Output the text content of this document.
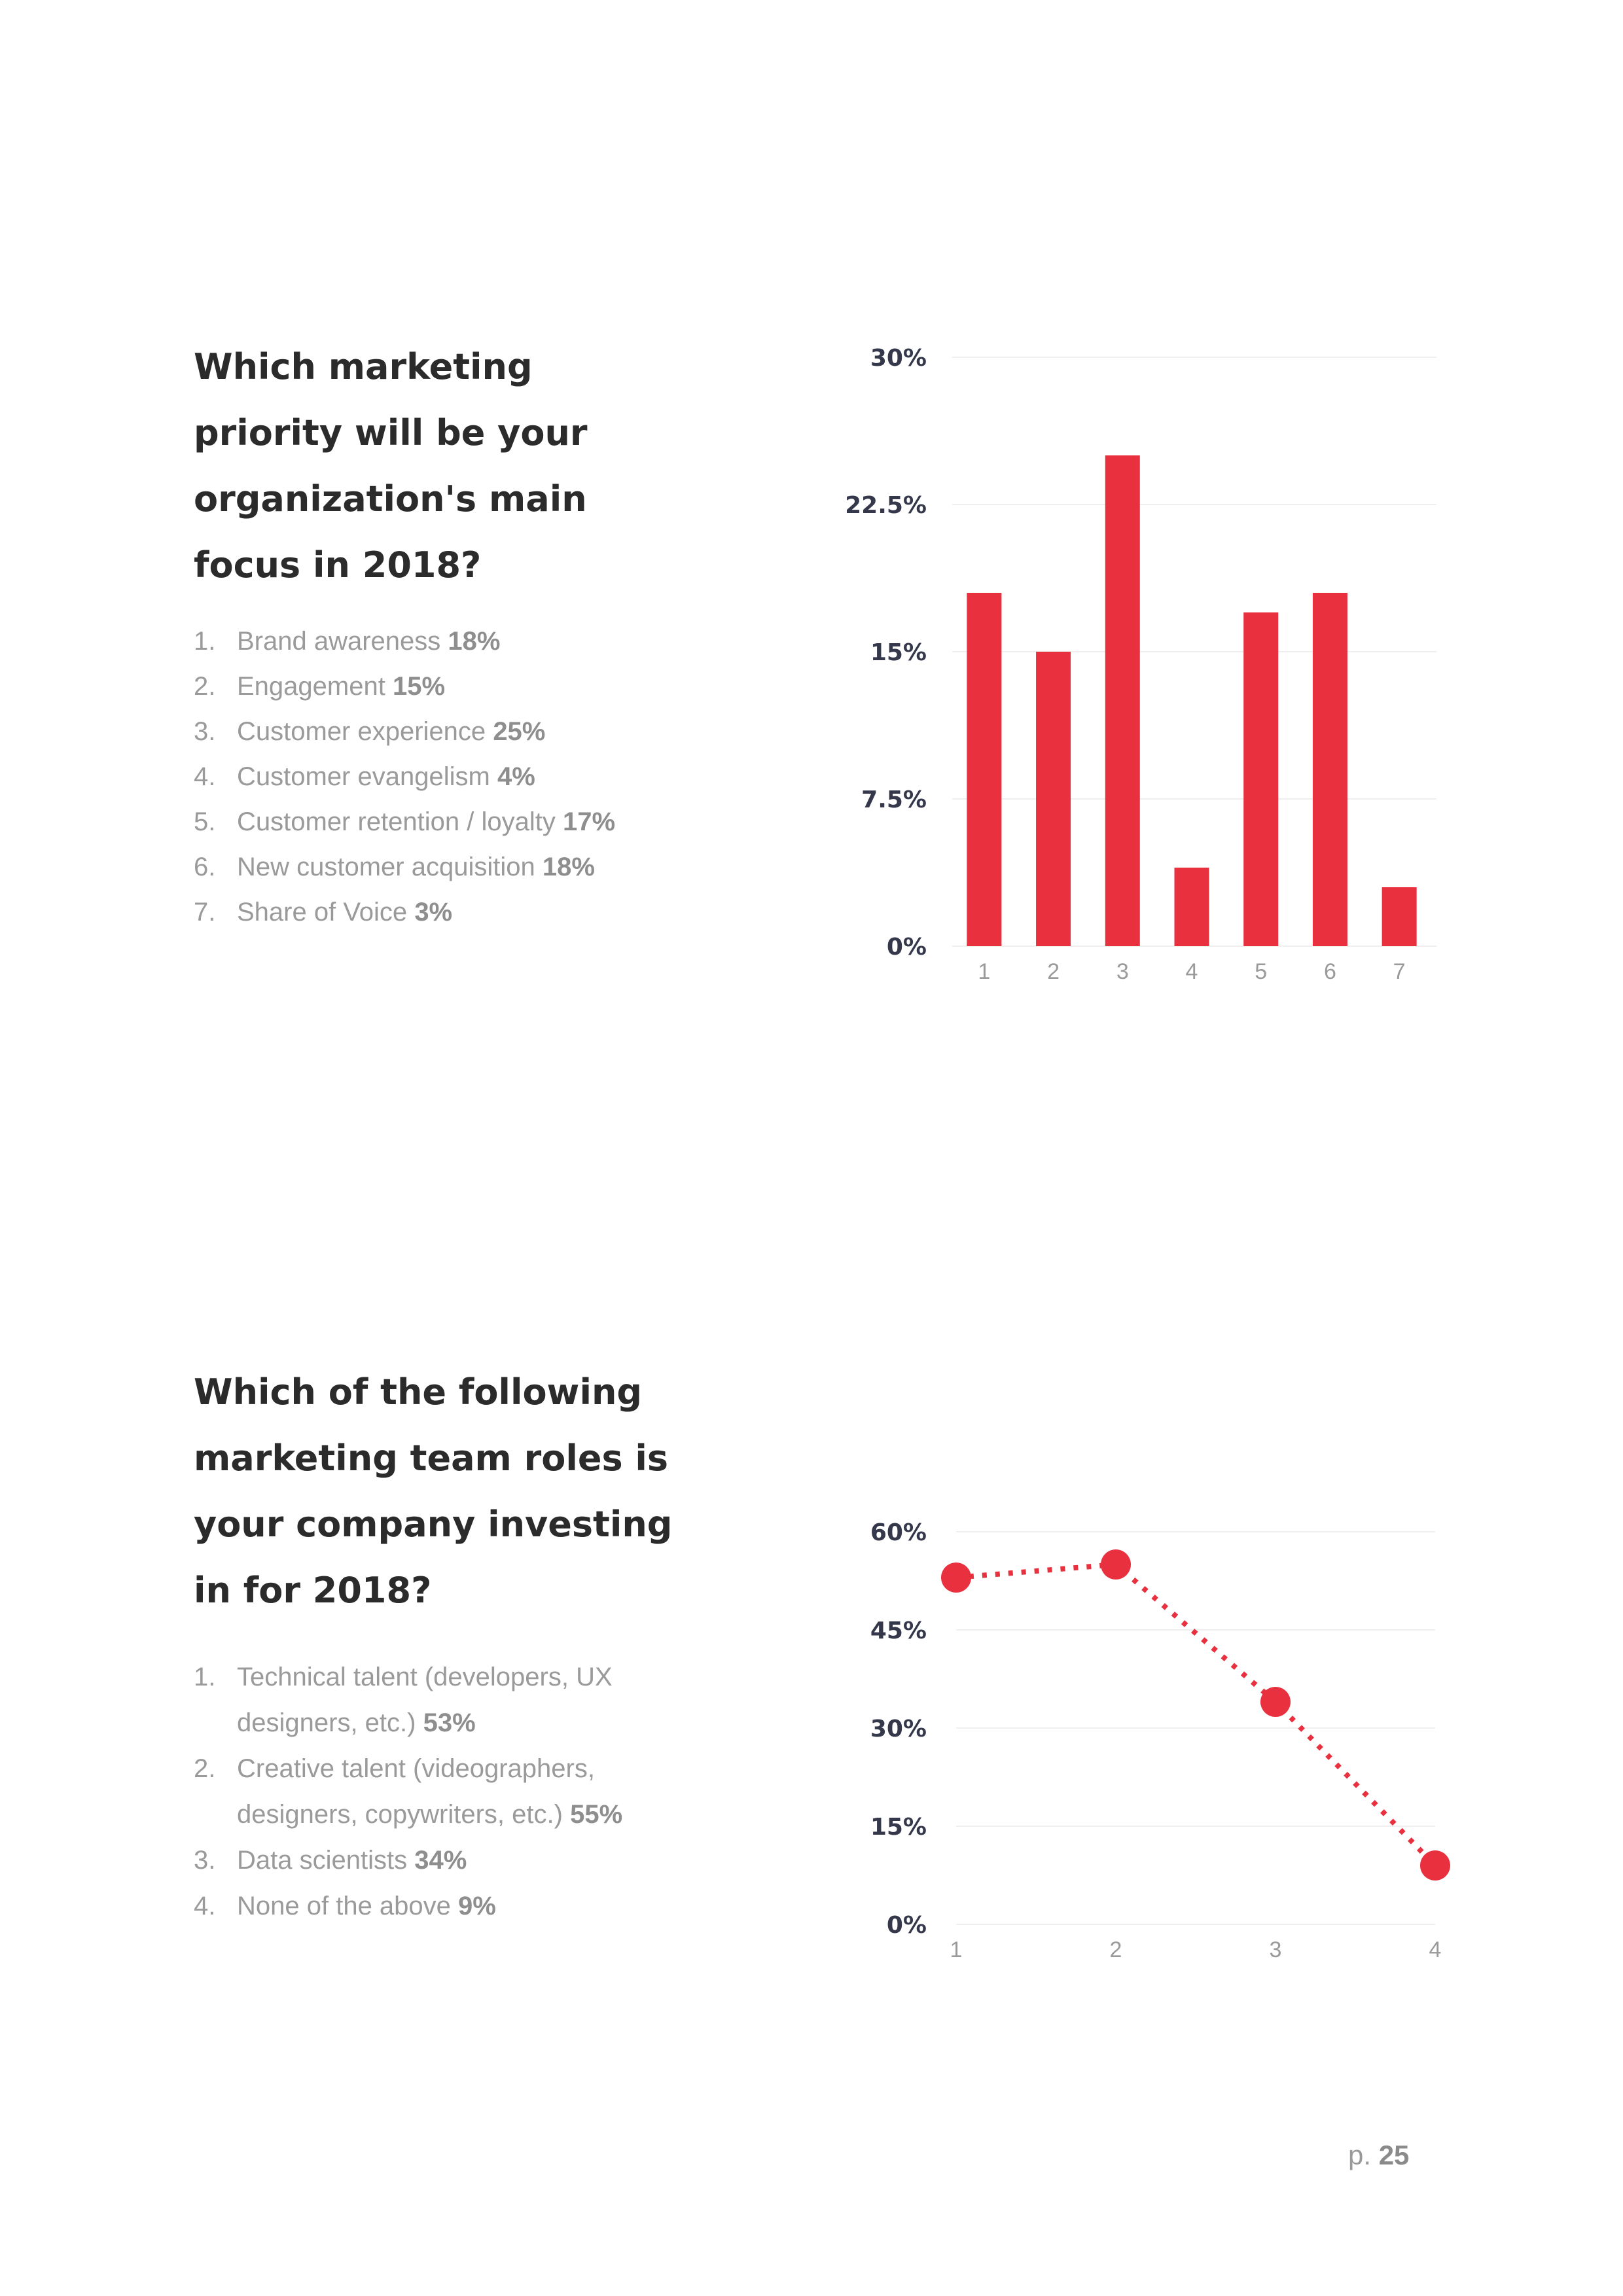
Which marketing priority will be your organization's main focus in 2018?
1. Brand awareness 18%
2. Engagement 15%
3. Customer experience 25%
4. Customer evangelism 4%
5. Customer retention / loyalty 17%
6. New customer acquisition 18%
7. Share of Voice 3%
Which of the following marketing team roles is your company investing in for 2018?
1. Technical talent (developers, UX designers, etc.) 53%
2. Creative talent (videographers, designers, copywriters, etc.) 55%
3. Data scientists 34%
4. None of the above 9%
0%
7.5%
15%
22.5%
30%
1	2	3	4	5	6	7
0%
15%
30%
45%
60%
1	2	3	4
p. 25
